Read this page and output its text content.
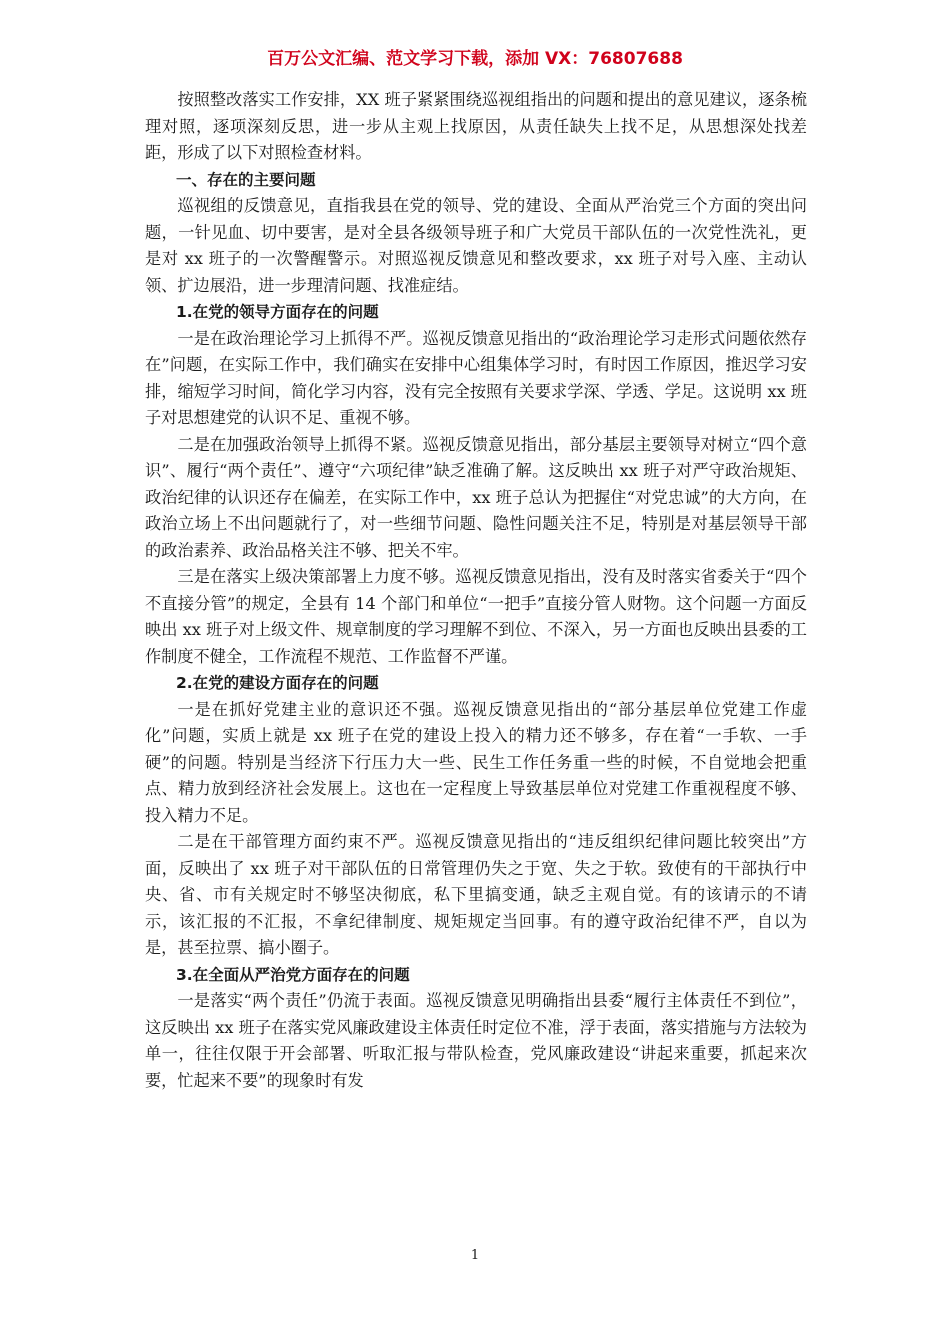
百万公文汇编、范文学习下载，添加 VX：76807688

按照整改落实工作安排，XX 班子紧紧围绕巡视组指出的问题和提出的意见建议，逐条梳理对照，逐项深刻反思，进一步从主观上找原因，从责任缺失上找不足，从思想深处找差距，形成了以下对照检查材料。

一、存在的主要问题

巡视组的反馈意见，直指我县在党的领导、党的建设、全面从严治党三个方面的突出问题，一针见血、切中要害，是对全县各级领导班子和广大党员干部队伍的一次党性洗礼，更是对 xx 班子的一次警醒警示。对照巡视反馈意见和整改要求，xx 班子对号入座、主动认领、扩边展沿，进一步理清问题、找准症结。

1.在党的领导方面存在的问题

一是在政治理论学习上抓得不严。巡视反馈意见指出的“政治理论学习走形式问题依然存在”问题，在实际工作中，我们确实在安排中心组集体学习时，有时因工作原因，推迟学习安排，缩短学习时间，简化学习内容，没有完全按照有关要求学深、学透、学足。这说明 xx 班子对思想建党的认识不足、重视不够。

二是在加强政治领导上抓得不紧。巡视反馈意见指出，部分基层主要领导对树立“四个意识”、履行“两个责任”、遵守“六项纪律”缺乏准确了解。这反映出 xx 班子对严守政治规矩、政治纪律的认识还存在偏差，在实际工作中，xx 班子总认为把握住“对党忠诚”的大方向，在政治立场上不出问题就行了，对一些细节问题、隐性问题关注不足，特别是对基层领导干部的政治素养、政治品格关注不够、把关不牢。

三是在落实上级决策部署上力度不够。巡视反馈意见指出，没有及时落实省委关于“四个不直接分管”的规定，全县有 14 个部门和单位“一把手”直接分管人财物。这个问题一方面反映出 xx 班子对上级文件、规章制度的学习理解不到位、不深入，另一方面也反映出县委的工作制度不健全，工作流程不规范、工作监督不严谨。

2.在党的建设方面存在的问题

一是在抓好党建主业的意识还不强。巡视反馈意见指出的“部分基层单位党建工作虚化”问题，实质上就是 xx 班子在党的建设上投入的精力还不够多，存在着“一手软、一手硬”的问题。特别是当经济下行压力大一些、民生工作任务重一些的时候，不自觉地会把重点、精力放到经济社会发展上。这也在一定程度上导致基层单位对党建工作重视程度不够、投入精力不足。

二是在干部管理方面约束不严。巡视反馈意见指出的“违反组织纪律问题比较突出”方面，反映出了 xx 班子对干部队伍的日常管理仍失之于宽、失之于软。致使有的干部执行中央、省、市有关规定时不够坚决彻底，私下里搞变通，缺乏主观自觉。有的该请示的不请示，该汇报的不汇报，不拿纪律制度、规矩规定当回事。有的遵守政治纪律不严，自以为是，甚至拉票、搞小圈子。

3.在全面从严治党方面存在的问题

一是落实“两个责任”仍流于表面。巡视反馈意见明确指出县委“履行主体责任不到位”，这反映出 xx 班子在落实党风廉政建设主体责任时定位不准，浮于表面，落实措施与方法较为单一，往往仅限于开会部署、听取汇报与带队检查，党风廉政建设“讲起来重要，抓起来次要，忙起来不要”的现象时有发

1
